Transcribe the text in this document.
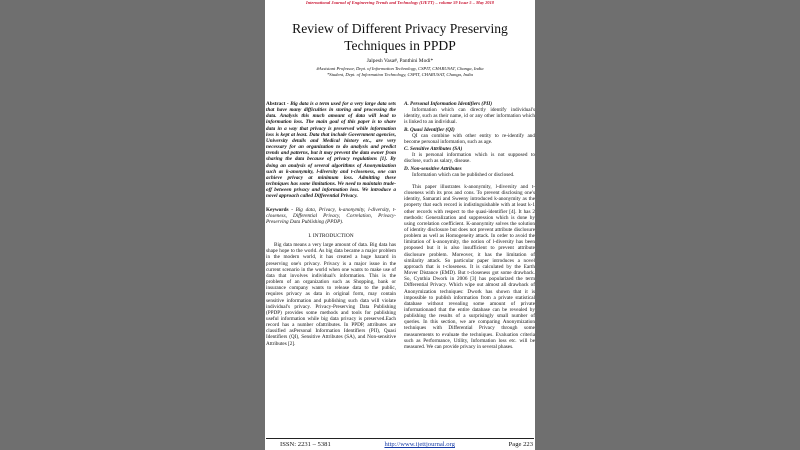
International Journal of Engineering Trends and Technology (IJETT) – volume 59 Issue 5 – May 2018
Review of Different Privacy Preserving Techniques in PPDP
Jalpesh Vasa#, Panthini Modi*
#Assistant Professor, Dept. of Information Technology, CSPIT, CHARUSAT, Changa, India
*Student, Dept. of Information Technology, CSPIT, CHARUSAT, Changa, India

Abstract - Big data is a term used for a very large data sets that have many difficulties in storing and processing the data. Analysis this much amount of data will lead to information loss. The main goal of this paper is to share data in a way that privacy is preserved while information loss is kept at least. Data that include Government agencies, University details and Medical history etc., are very necessary for an organization to do analysis and predict trends and patterns, but it may prevent the data owner from sharing the data because of privacy regulations [1]. By doing an analysis of several algorithms of Anonymization such as k-anonymity, l-diversity and t-closeness, one can achieve privacy at minimum loss. Admitting these techniques has some limitations. We need to maintain trade-off between privacy and information loss. We introduce a novel approach called Differential Privacy.

Keywords - Big data, Privacy, k-anonymity, l-diversity, t-closeness, Differential Privacy, Correlation, Privacy-Preserving Data Publishing (PPDP).

I. INTRODUCTION

Big data means a very large amount of data. Big data has shape hope to the world. As big data became a major problem in the modern world, it has created a huge hazard in preserving one's privacy. Privacy is a major issue in the current scenario in the world when one wants to make use of data that involves individual's information. This is the problem of an organization such as Shopping, bank or insurance company wants to release data to the public, requires privacy as data in original form, may contain sensitive information and publishing such data will violate individual's privacy. Privacy-Preserving Data Publishing (PPDP) provides some methods and tools for publishing useful information while big data privacy is preserved.Each record has a number ofattributes. In PPDP, attributes are classified asPersonal Information Identifiers (PII), Quasi Identifiers (QI), Sensitive Attributes (SA), and Non-sensitive Attributes [2].

A. Personal Information Identifiers (PII)

Information which can directly identify individual's identity, such as their name, id or any other information which is linked to an individual.

B. Quasi Identifier (QI)

QI can combine with other entity to re-identify and become personal information, such as age.

C. Sensitive Attributes (SA)

It is personal information which is not supposed to disclose, such as salary, disease.

D. Non-sensitive Attributes

Information which can be published or disclosed.

This paper illustrates k-anonymity, l-diversity and t-closeness with its pros and cons. To prevent disclosing one's identity, Samarati and Sweeny introduced k-anonymity as the property that each record is indistinguishable with at least k-1 other records with respect to the quasi-identifier [4]. It has 2 methods: Generalization and suppression which is done by using correlation coefficient. K-anonymity solves the solution of identity disclosure but does not prevent attribute disclosure problem as well as Homogeneity attack. In order to avoid the limitation of k-anonymity, the notion of l-diversity has been proposed but it is also insufficient to prevent attribute disclosure problem. Moreover, it has the limitation of similarity attack. So particular paper introduces a novel approach that is t-closeness. It is calculated by the Earth Mover Distance (EMD). But t-closeness got some drawback. So, Cynthia Dwork in 2006 [3] has popularized the term Differential Privacy. Which wipe out almost all drawback of Anonymization techniques: Dwork has shown that it is impossible to publish information from a private statistical database without revealing some amount of private informationand that the entire database can be revealed by publishing the results of a surprisingly small number of queries. In this section, we are comparing Anonymization techniques with Differential Privacy through some measurements to evaluate the techniques. Evaluation criteria such as Performance, Utility, Information loss etc. will be measured. We can provide privacy in several phases.

ISSN: 2231 – 5381	http://www.ijettjournal.org	Page 223
